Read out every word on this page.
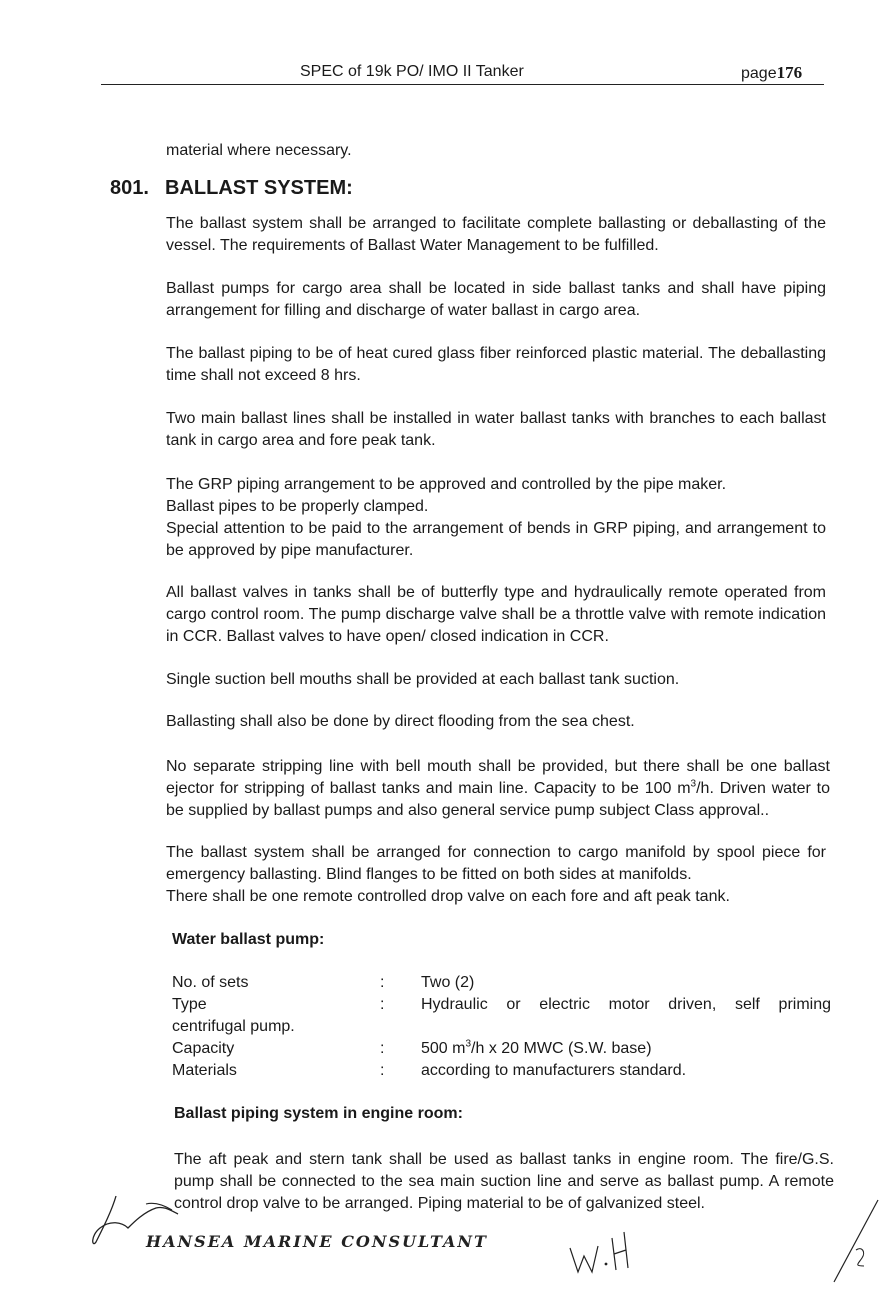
SPEC of 19k PO/ IMO II Tanker	page176

material where necessary.

801. BALLAST SYSTEM:

The ballast system shall be arranged to facilitate complete ballasting or deballasting of the vessel. The requirements of Ballast Water Management to be fulfilled.

Ballast pumps for cargo area shall be located in side ballast tanks and shall have piping arrangement for filling and discharge of water ballast in cargo area.

The ballast piping to be of heat cured glass fiber reinforced plastic material. The deballasting time shall not exceed 8 hrs.

Two main ballast lines shall be installed in water ballast tanks with branches to each ballast tank in cargo area and fore peak tank.

The GRP piping arrangement to be approved and controlled by the pipe maker.

Ballast pipes to be properly clamped.

Special attention to be paid to the arrangement of bends in GRP piping, and arrangement to be approved by pipe manufacturer.

All ballast valves in tanks shall be of butterfly type and hydraulically remote operated from cargo control room. The pump discharge valve shall be a throttle valve with remote indication in CCR. Ballast valves to have open/ closed indication in CCR.

Single suction bell mouths shall be provided at each ballast tank suction.

Ballasting shall also be done by direct flooding from the sea chest.

No separate stripping line with bell mouth shall be provided, but there shall be one ballast ejector for stripping of ballast tanks and main line. Capacity to be 100 $m^3/h$. Driven water to be supplied by ballast pumps and also general service pump subject Class approval..

The ballast system shall be arranged for connection to cargo manifold by spool piece for emergency ballasting. Blind flanges to be fitted on both sides at manifolds.

There shall be one remote controlled drop valve on each fore and aft peak tank.

Water ballast pump:
No. of sets	: Two (2)
Type	: Hydraulic or electric motor driven, self priming
centrifugal pump.
Capacity	: 500 $m^3/h$ x 20 MWC (S.W. base)
Materials	: according to manufacturers standard.
Ballast piping system in engine room:

The aft peak and stern tank shall be used as ballast tanks in engine room. The fire/G.S. pump shall be connected to the sea main suction line and serve as ballast pump. A remote control drop valve to be arranged. Piping material to be of galvanized steel.

HANSEA MARINE CONSULTANT
